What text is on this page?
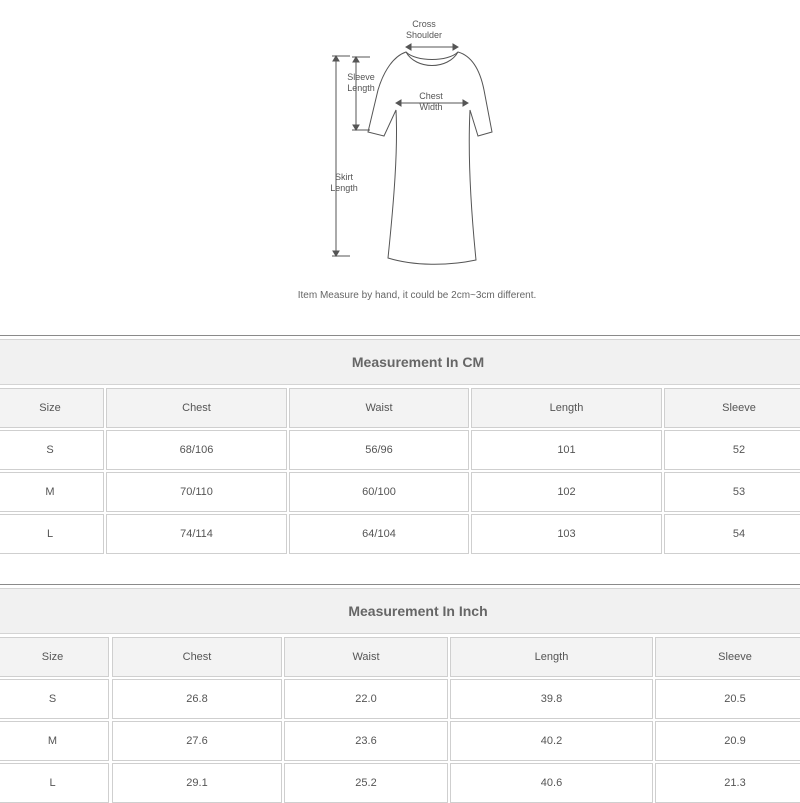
Cross
Shoulder
Sleeve
Length
Chest
Width
Skirt
Length
Item Measure by hand, it could be 2cm~3cm different.
Measurement In CM
Size	Chest	Waist	Length	Sleeve
S	68/106	56/96	101	52
M	70/110	60/100	102	53
L	74/114	64/104	103	54
Measurement In Inch
Size	Chest	Waist	Length	Sleeve
S	26.8	22.0	39.8	20.5
M	27.6	23.6	40.2	20.9
L	29.1	25.2	40.6	21.3
